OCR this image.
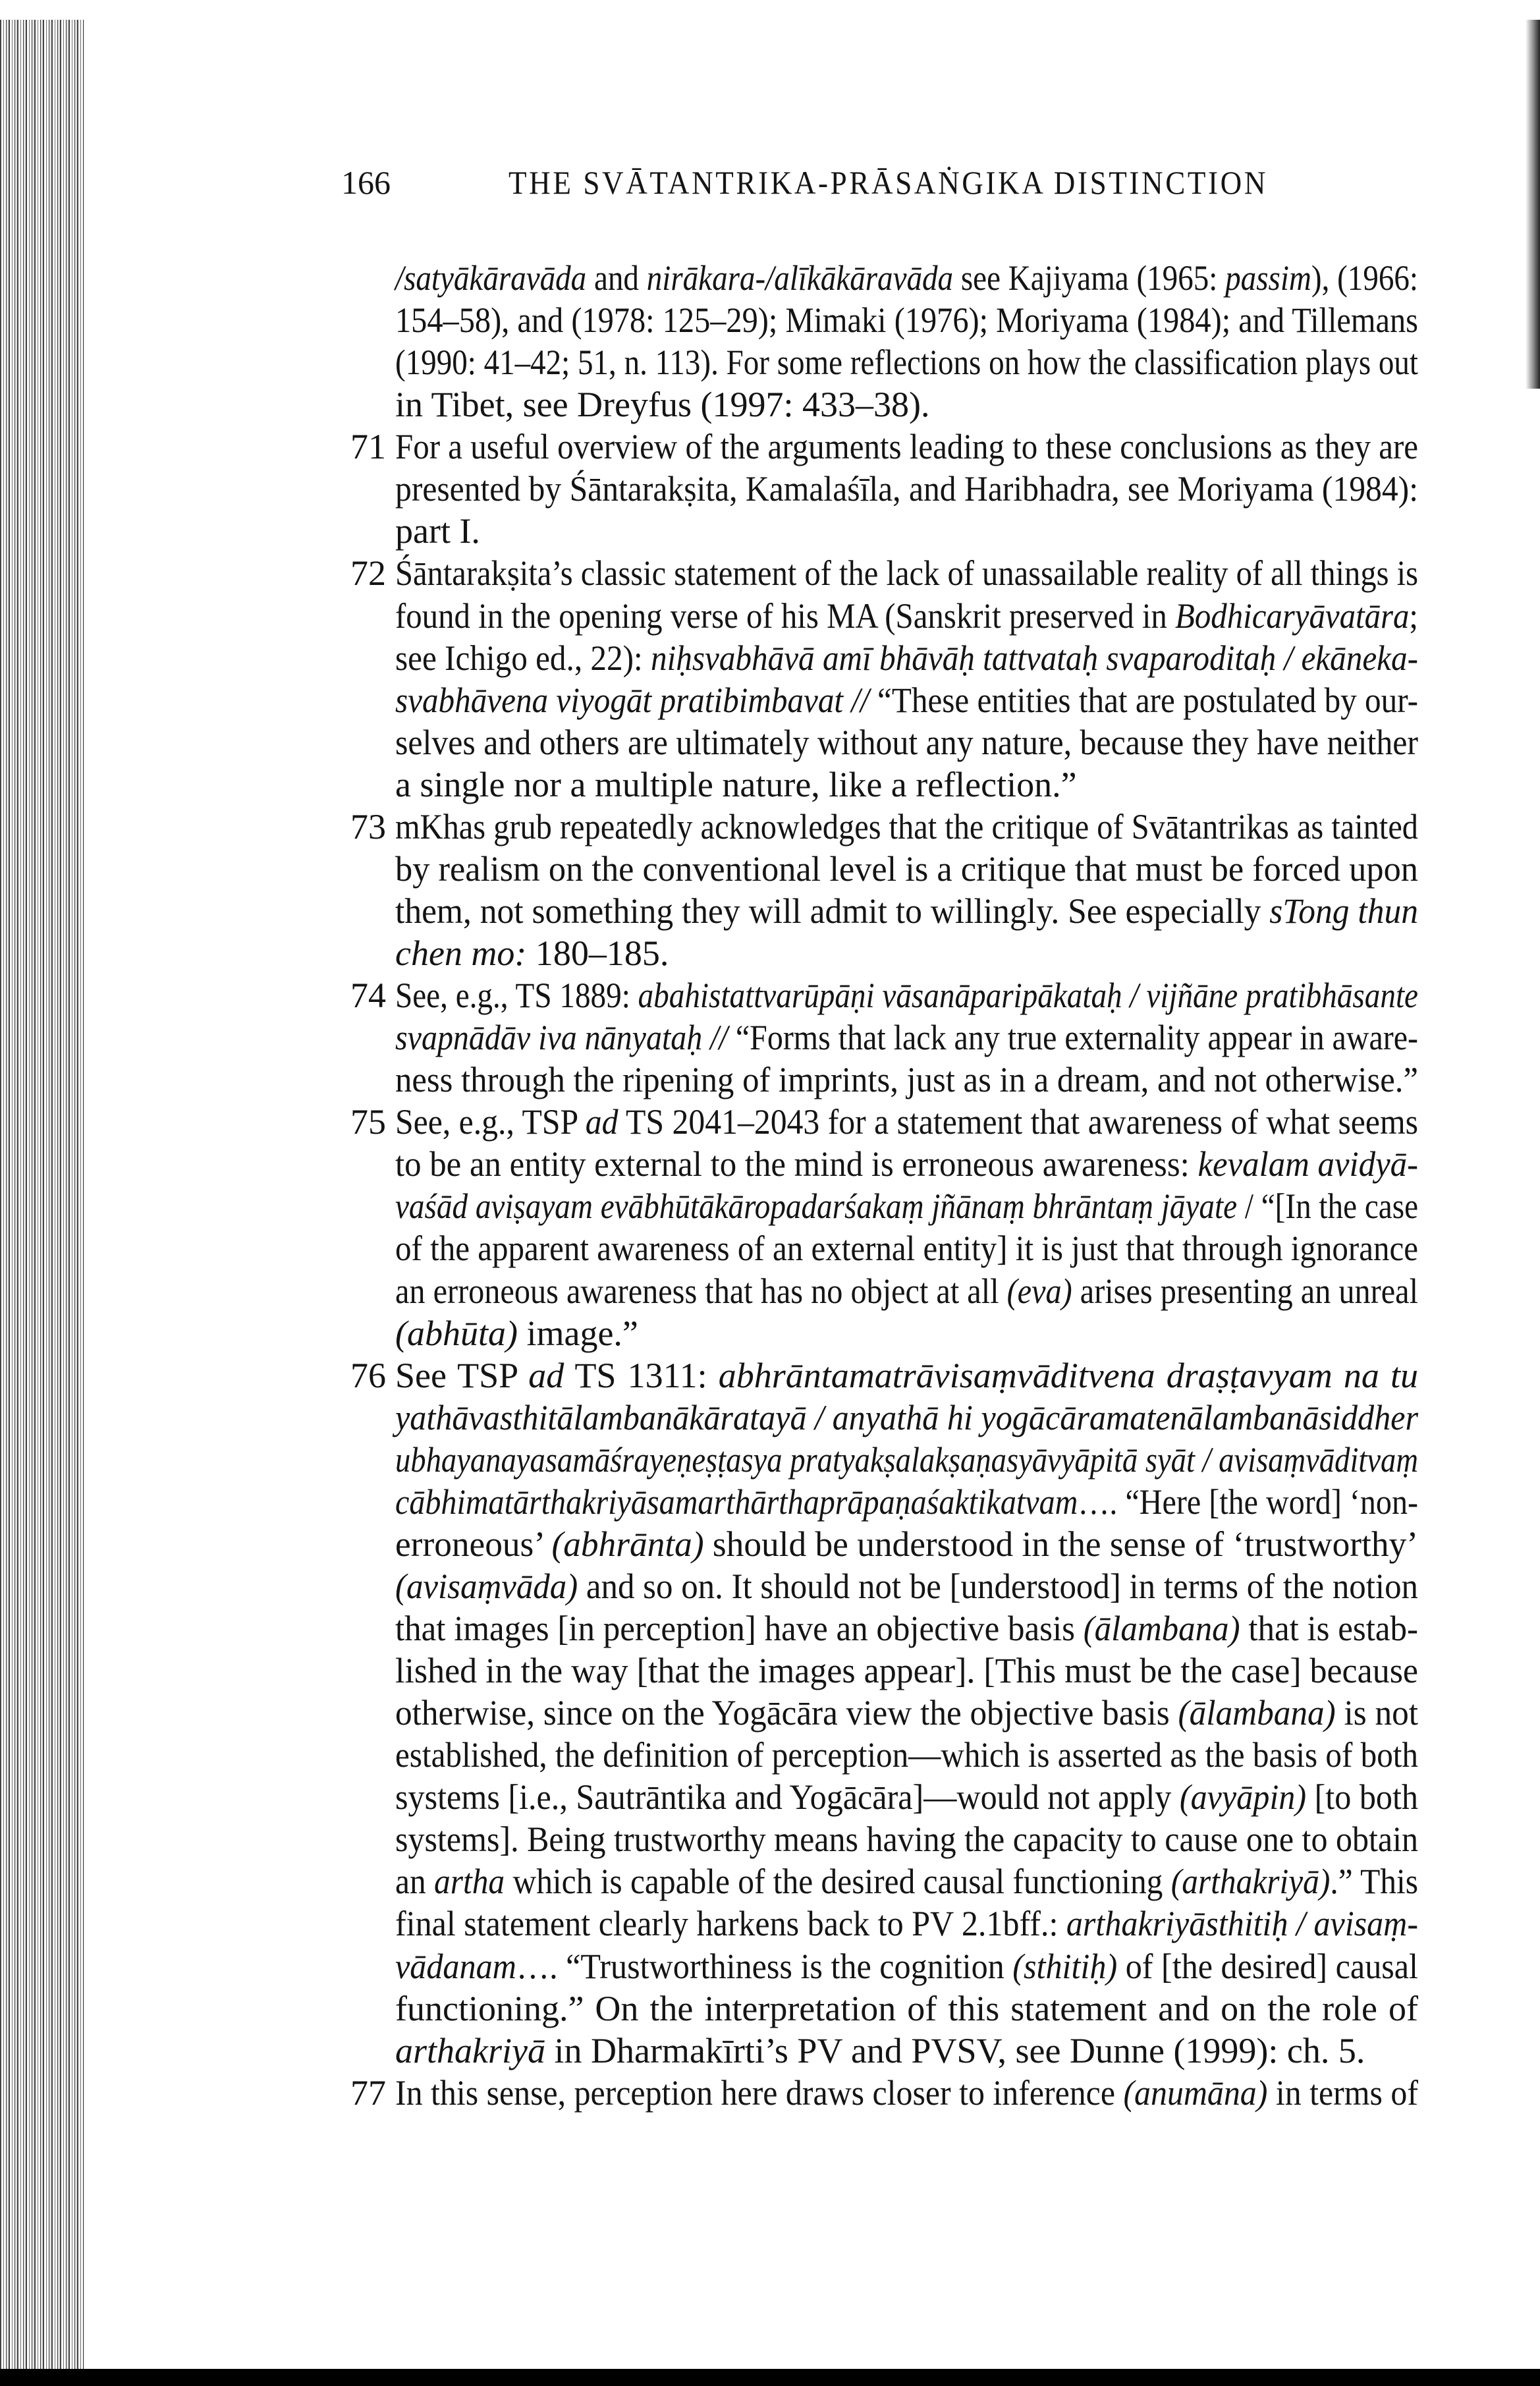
166	THE SVĀTANTRIKA-PRĀSAṄGIKA DISTINCTION
/satyākāravāda and nirākara-/alīkākāravāda see Kajiyama (1965: passim), (1966:
154–58), and (1978: 125–29); Mimaki (1976); Moriyama (1984); and Tillemans
(1990: 41–42; 51, n. 113). For some reflections on how the classification plays out
in Tibet, see Dreyfus (1997: 433–38).
71 For a useful overview of the arguments leading to these conclusions as they are
presented by Śāntarakṣita, Kamalaśīla, and Haribhadra, see Moriyama (1984):
part I.
72 Śāntarakṣita’s classic statement of the lack of unassailable reality of all things is
found in the opening verse of his MA (Sanskrit preserved in Bodhicaryāvatāra;
see Ichigo ed., 22): niḥsvabhāvā amī bhāvāḥ tattvataḥ svaparoditaḥ / ekāneka-
svabhāvena viyogāt pratibimbavat // “These entities that are postulated by our-
selves and others are ultimately without any nature, because they have neither
a single nor a multiple nature, like a reflection.”
73 mKhas grub repeatedly acknowledges that the critique of Svātantrikas as tainted
by realism on the conventional level is a critique that must be forced upon
them, not something they will admit to willingly. See especially sTong thun
chen mo: 180–185.
74 See, e.g., TS 1889: abahistattvarūpāṇi vāsanāparipākataḥ / vijñāne pratibhāsante
svapnādāv iva nānyataḥ // “Forms that lack any true externality appear in aware-
ness through the ripening of imprints, just as in a dream, and not otherwise.”
75 See, e.g., TSP ad TS 2041–2043 for a statement that awareness of what seems
to be an entity external to the mind is erroneous awareness: kevalam avidyā-
vaśād aviṣayam evābhūtākāropadarśakaṃ jñānaṃ bhrāntaṃ jāyate / “[In the case
of the apparent awareness of an external entity] it is just that through ignorance
an erroneous awareness that has no object at all (eva) arises presenting an unreal
(abhūta) image.”
76 See TSP ad TS 1311: abhrāntamatrāvisaṃvāditvena draṣṭavyam na tu
yathāvasthitālambanākāratayā / anyathā hi yogācāramatenālambanāsiddher
ubhayanayasamāśrayeṇeṣṭasya pratyakṣalakṣaṇasyāvyāpitā syāt / avisaṃvāditvaṃ
cābhimatārthakriyāsamarthārthaprāpaṇaśaktikatvam…. “Here [the word] ‘non-
erroneous’ (abhrānta) should be understood in the sense of ‘trustworthy’
(avisaṃvāda) and so on. It should not be [understood] in terms of the notion
that images [in perception] have an objective basis (ālambana) that is estab-
lished in the way [that the images appear]. [This must be the case] because
otherwise, since on the Yogācāra view the objective basis (ālambana) is not
established, the definition of perception—which is asserted as the basis of both
systems [i.e., Sautrāntika and Yogācāra]—would not apply (avyāpin) [to both
systems]. Being trustworthy means having the capacity to cause one to obtain
an artha which is capable of the desired causal functioning (arthakriyā).” This
final statement clearly harkens back to PV 2.1bff.: arthakriyāsthitiḥ / avisaṃ-
vādanam…. “Trustworthiness is the cognition (sthitiḥ) of [the desired] causal
functioning.” On the interpretation of this statement and on the role of
arthakriyā in Dharmakīrti’s PV and PVSV, see Dunne (1999): ch. 5.
77 In this sense, perception here draws closer to inference (anumāna) in terms of
